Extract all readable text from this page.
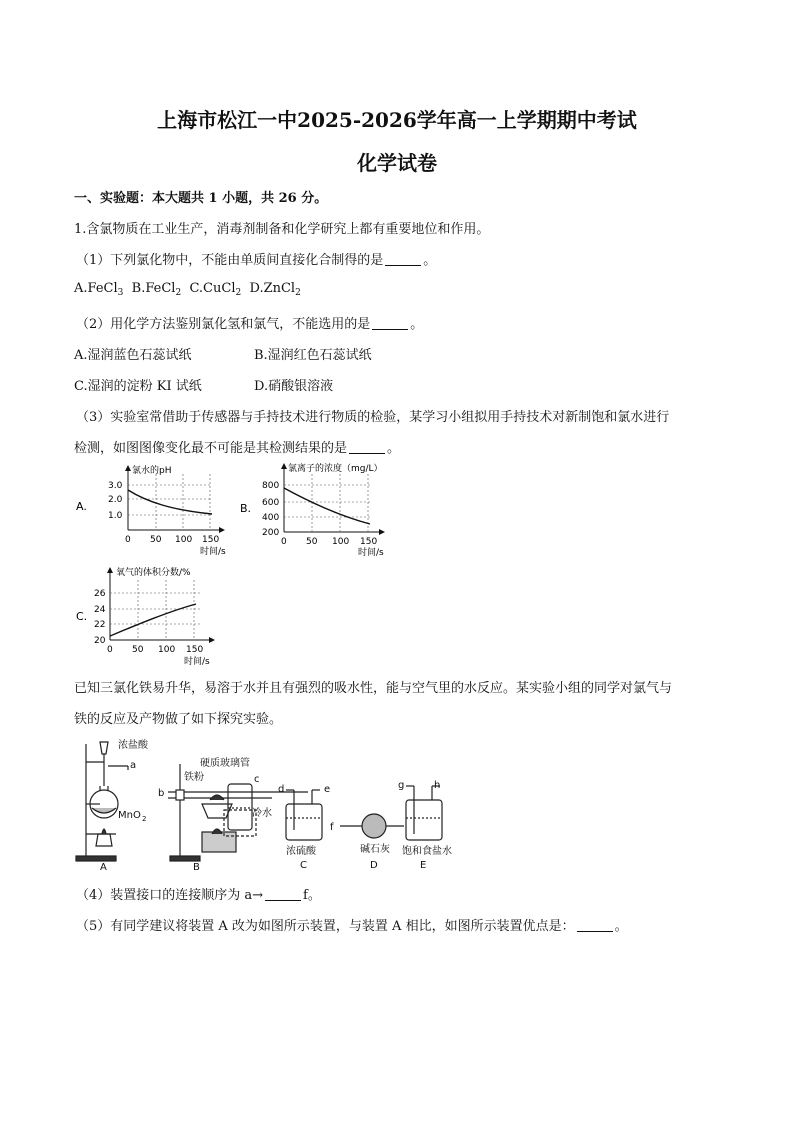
上海市松江一中2025-2026学年高一上学期期中考试
化学试卷
一、实验题：本大题共 1 小题，共 26 分。
1.含氯物质在工业生产，消毒剂制备和化学研究上都有重要地位和作用。
（1）下列氯化物中，不能由单质间直接化合制得的是	。
A.FeCl$_3$ B.FeCl$_2$ C.CuCl$_2$ D.ZnCl$_2$
（2）用化学方法鉴别氯化氢和氯气，不能选用的是	。
A.湿润蓝色石蕊试纸	B.湿润红色石蕊试纸
C.湿润的淀粉 KI 试纸	D.硝酸银溶液
（3）实验室常借助于传感器与手持技术进行物质的检验，某学习小组拟用手持技术对新制饱和氯水进行
检测，如图图像变化最不可能是其检测结果的是	。
A.
氯水的pH
3.0
2.0
1.0
0 50 100 150
时间/s
B.
氯离子的浓度（mg/L）
800
600
400
200
0 50 100 150
时间/s
C.
氧气的体积分数/%
26
24
22
20
0 50 100 150
时间/s
已知三氯化铁易升华，易溶于水并且有强烈的吸水性，能与空气里的水反应。某实验小组的同学对氯气与
铁的反应及产物做了如下探究实验。
浓盐酸
a
MnO 2
A
硬质玻璃管
铁粉
b
c
冷水
B
d	e
浓硫酸
C
f
碱石灰
D
g	h
饱和食盐水
E
（4）装置接口的连接顺序为 a→	f。
（5）有同学建议将装置 A 改为如图所示装置，与装置 A 相比，如图所示装置优点是：	。
